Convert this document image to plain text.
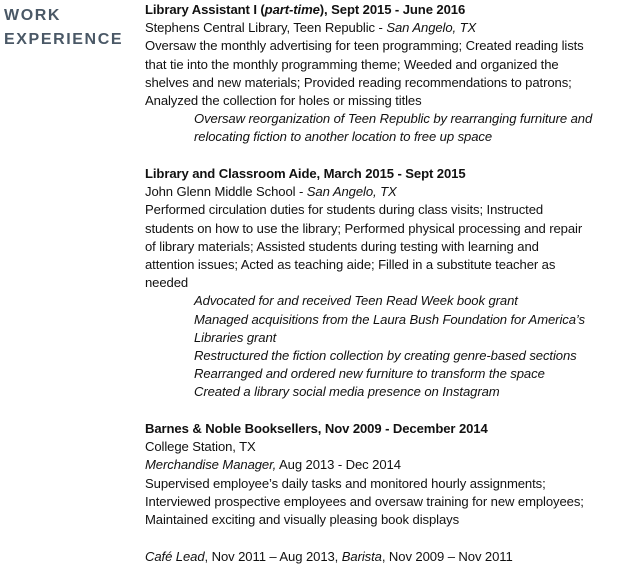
WORK
EXPERIENCE
Library Assistant I (part-time), Sept 2015 - June 2016
Stephens Central Library, Teen Republic - San Angelo, TX
Oversaw the monthly advertising for teen programming; Created reading lists
that tie into the monthly programming theme; Weeded and organized the
shelves and new materials; Provided reading recommendations to patrons;
Analyzed the collection for holes or missing titles
Oversaw reorganization of Teen Republic by rearranging furniture and
relocating fiction to another location to free up space
Library and Classroom Aide, March 2015 - Sept 2015
John Glenn Middle School - San Angelo, TX
Performed circulation duties for students during class visits; Instructed
students on how to use the library; Performed physical processing and repair
of library materials; Assisted students during testing with learning and
attention issues; Acted as teaching aide; Filled in a substitute teacher as
needed
Advocated for and received Teen Read Week book grant
Managed acquisitions from the Laura Bush Foundation for America’s
Libraries grant
Restructured the fiction collection by creating genre-based sections
Rearranged and ordered new furniture to transform the space
Created a library social media presence on Instagram
Barnes & Noble Booksellers, Nov 2009 - December 2014
College Station, TX
Merchandise Manager, Aug 2013 - Dec 2014
Supervised employee’s daily tasks and monitored hourly assignments;
Interviewed prospective employees and oversaw training for new employees;
Maintained exciting and visually pleasing book displays
Café Lead, Nov 2011 – Aug 2013, Barista, Nov 2009 – Nov 2011
